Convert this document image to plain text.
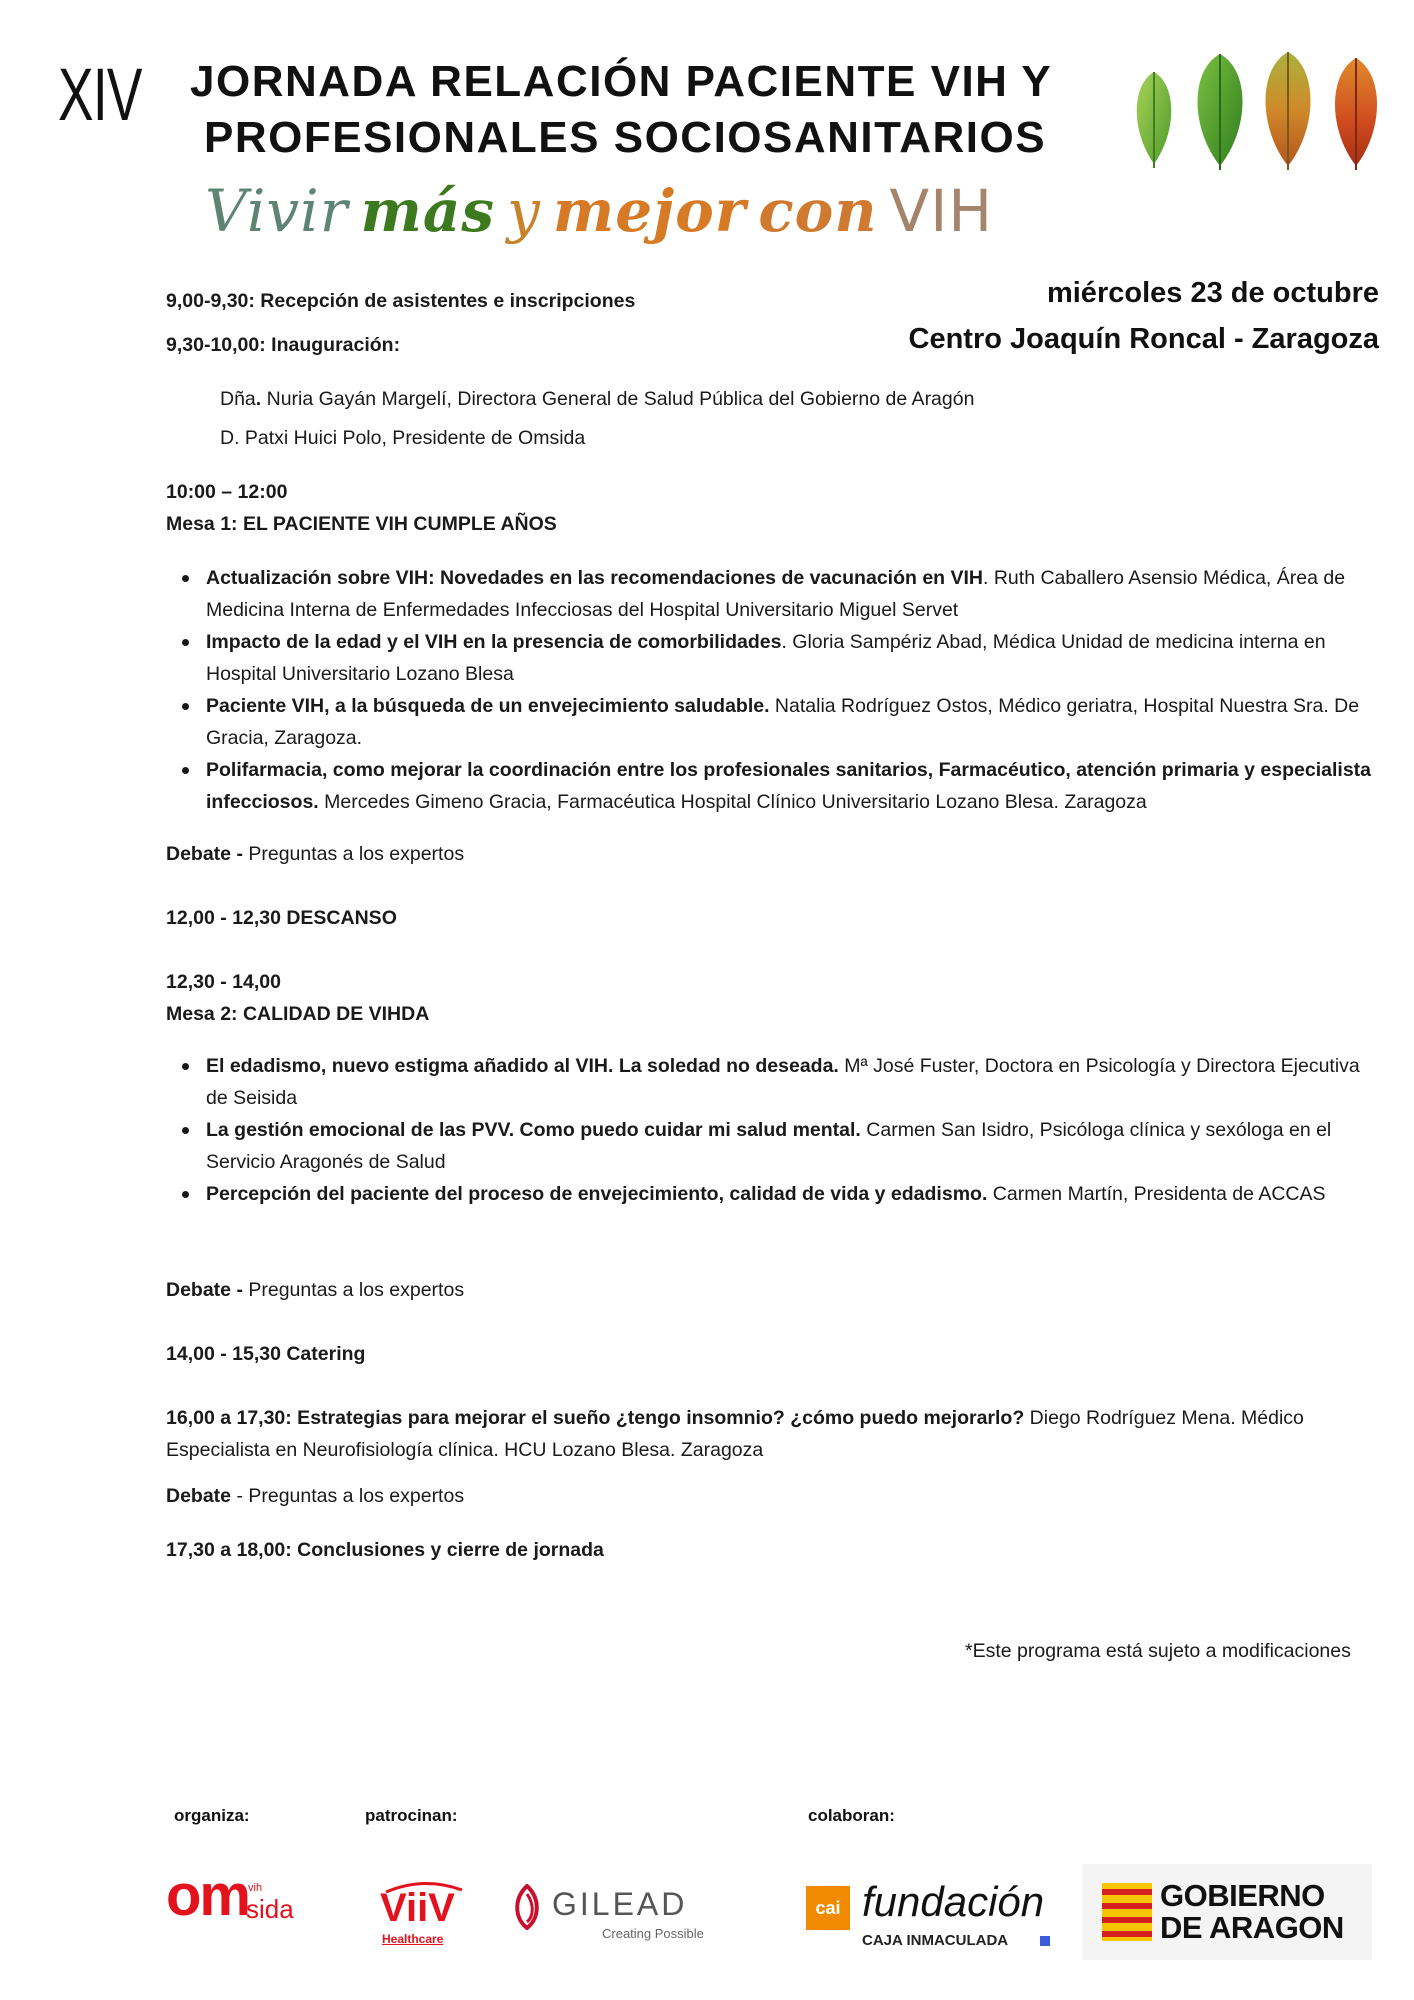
XIV JORNADA RELACIÓN PACIENTE VIH Y
PROFESIONALES SOCIOSANITARIOS
Vivir más y mejor con VIH
miércoles 23 de octubre
Centro Joaquín Roncal - Zaragoza

9,00-9,30: Recepción de asistentes e inscripciones

9,30-10,00: Inauguración:

Dña. Nuria Gayán Margelí, Directora General de Salud Pública del Gobierno de Aragón

D. Patxi Huici Polo, Presidente de Omsida

10:00 – 12:00

Mesa 1: EL PACIENTE VIH CUMPLE AÑOS

Actualización sobre VIH: Novedades en las recomendaciones de vacunación en VIH. Ruth Caballero Asensio Médica, Área de Medicina Interna de Enfermedades Infecciosas del Hospital Universitario Miguel Servet
Impacto de la edad y el VIH en la presencia de comorbilidades. Gloria Sampériz Abad, Médica Unidad de medicina interna en Hospital Universitario Lozano Blesa
Paciente VIH, a la búsqueda de un envejecimiento saludable. Natalia Rodríguez Ostos, Médico geriatra, Hospital Nuestra Sra. De Gracia, Zaragoza.
Polifarmacia, como mejorar la coordinación entre los profesionales sanitarios, Farmacéutico, atención primaria y especialista infecciosos. Mercedes Gimeno Gracia, Farmacéutica Hospital Clínico Universitario Lozano Blesa. Zaragoza

Debate - Preguntas a los expertos

12,00 - 12,30 DESCANSO

12,30 - 14,00

Mesa 2: CALIDAD DE VIHDA

El edadismo, nuevo estigma añadido al VIH. La soledad no deseada. Mª José Fuster, Doctora en Psicología y Directora Ejecutiva de Seisida
La gestión emocional de las PVV. Como puedo cuidar mi salud mental. Carmen San Isidro, Psicóloga clínica y sexóloga en el Servicio Aragonés de Salud
Percepción del paciente del proceso de envejecimiento, calidad de vida y edadismo. Carmen Martín, Presidenta de ACCAS

Debate - Preguntas a los expertos

14,00 - 15,30 Catering

16,00 a 17,30: Estrategias para mejorar el sueño ¿tengo insomnio? ¿cómo puedo mejorarlo? Diego Rodríguez Mena. Médico Especialista en Neurofisiología clínica. HCU Lozano Blesa. Zaragoza

Debate - Preguntas a los expertos

17,30 a 18,00: Conclusiones y cierre de jornada

*Este programa está sujeto a modificaciones
organiza:	patrocinan:	colaboran:
om vih
sida ViiV
Healthcare
GILEAD
Creating Possible
cai fundación
CAJA INMACULADA
GOBIERNO
DE ARAGON
